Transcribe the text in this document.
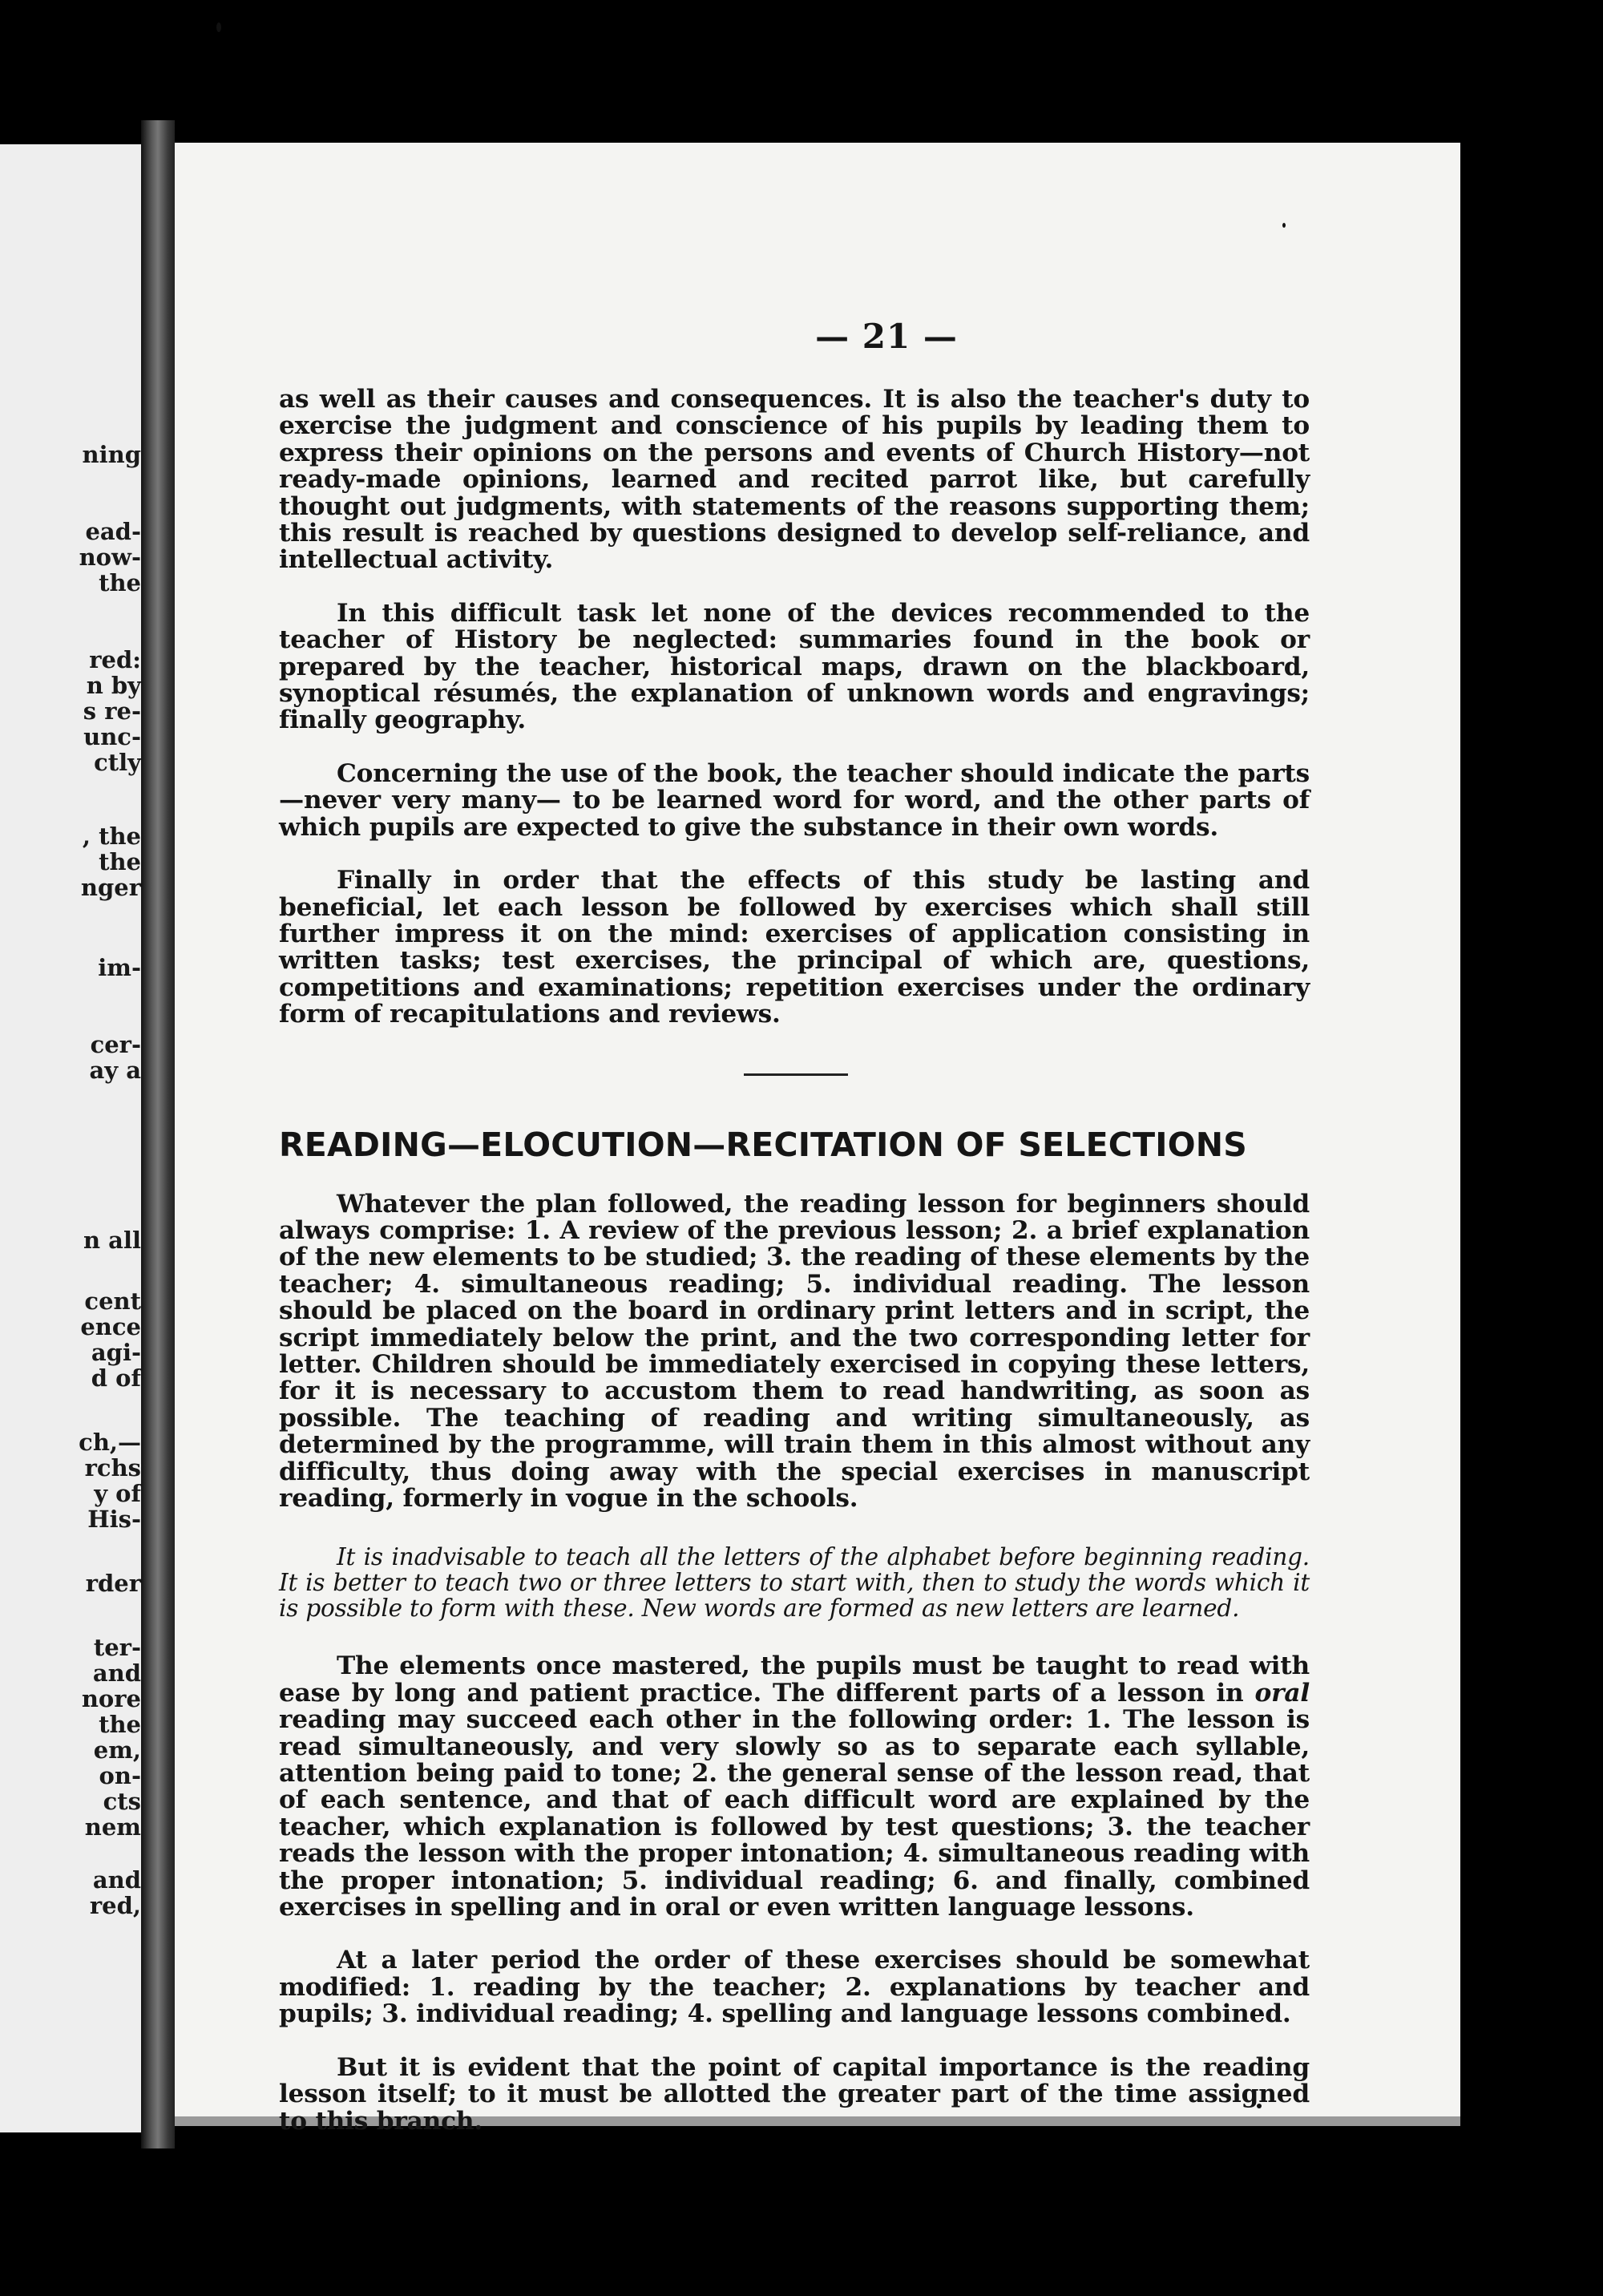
ning
ead-
now-
the
red:
n by
s re-
unc-
ctly
, the
the
nger
im-
cer-
ay a
n all
cent
ence
agi-
d of
ch,—
rchs
y of
His-
rder
ter-
and
nore
the
em,
on-
cts
nem
and
red,
— 21 —

as well as their causes and consequences. It is also the teacher's duty to exercise the judgment and conscience of his pupils by leading them to express their opinions on the persons and events of Church History—not ready-made opinions, learned and recited parrot like, but carefully thought out judgments, with statements of the reasons supporting them; this result is reached by questions designed to develop self-reliance, and intellectual activity.

In this difficult task let none of the devices recommended to the teacher of History be neglected: summaries found in the book or prepared by the teacher, historical maps, drawn on the blackboard, synoptical résumés, the explanation of unknown words and engravings; finally geography.

Concerning the use of the book, the teacher should indicate the parts—never very many— to be learned word for word, and the other parts of which pupils are expected to give the substance in their own words.

Finally in order that the effects of this study be lasting and beneficial, let each lesson be followed by exercises which shall still further impress it on the mind: exercises of application consisting in written tasks; test exercises, the principal of which are, questions, competitions and examinations; repetition exercises under the ordinary form of recapitulations and reviews.

READING—ELOCUTION—RECITATION OF SELECTIONS

Whatever the plan followed, the reading lesson for beginners should always comprise: 1. A review of the previous lesson; 2. a brief explanation of the new elements to be studied; 3. the reading of these elements by the teacher; 4. simultaneous reading; 5. individual reading. The lesson should be placed on the board in ordinary print letters and in script, the script immediately below the print, and the two corresponding letter for letter. Children should be immediately exercised in copying these letters, for it is necessary to accustom them to read handwriting, as soon as possible. The teaching of reading and writing simultaneously, as determined by the programme, will train them in this almost without any difficulty, thus doing away with the special exercises in manuscript reading, formerly in vogue in the schools.

It is inadvisable to teach all the letters of the alphabet before beginning reading. It is better to teach two or three letters to start with, then to study the words which it is possible to form with these. New words are formed as new letters are learned.

The elements once mastered, the pupils must be taught to read with ease by long and patient practice. The different parts of a lesson in oral reading may succeed each other in the following order: 1. The lesson is read simultaneously, and very slowly so as to separate each syllable, attention being paid to tone; 2. the general sense of the lesson read, that of each sentence, and that of each difficult word are explained by the teacher, which explanation is followed by test questions; 3. the teacher reads the lesson with the proper intonation; 4. simultaneous reading with the proper intonation; 5. individual reading; 6. and finally, combined exercises in spelling and in oral or even written language lessons.

At a later period the order of these exercises should be somewhat modified: 1. reading by the teacher; 2. explanations by teacher and pupils; 3. individual reading; 4. spelling and language lessons combined.

But it is evident that the point of capital importance is the reading lesson itself; to it must be allotted the greater part of the time assigned to this branch.
